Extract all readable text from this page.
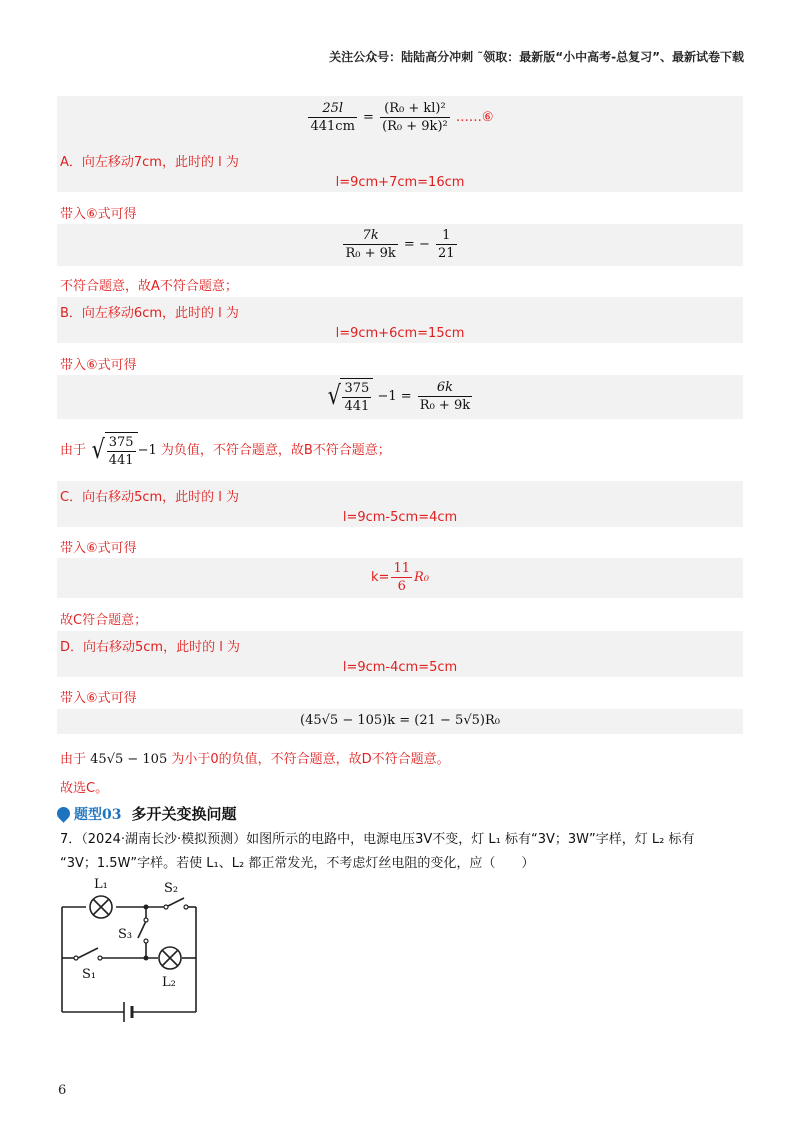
关注公众号：陆陆高分冲刺 ˜领取：最新版“小中高考-总复习”、最新试卷下载
$\frac{25l}{441cm} = \frac{\text{(R₀ + kl)²}}{\text{(R₀ + 9k)²}}$ ……⑥
A．向左移动7cm，此时的 l 为
l=9cm+7cm=16cm
带入⑥式可得
$\frac{7k}{\text{R₀ + 9k}}$ = − $\frac{1}{21}$
不符合题意，故A不符合题意；
B．向左移动6cm，此时的 l 为
l=9cm+6cm=15cm
带入⑥式可得
√ $\frac{375}{441} -1 = \frac{6k}{\text{R₀ + 9k}}$
由于 √ $\frac{375}{441} -1$ 为负值，不符合题意，故B不符合题意；
C．向右移动5cm，此时的 l 为
l=9cm-5cm=4cm
带入⑥式可得
$k= \frac{11}{6} R_0$
故C符合题意；
D．向右移动5cm，此时的 l 为
l=9cm-4cm=5cm
带入⑥式可得
(45√5 − 105)k = (21 − 5√5)R₀
由于 45√5 − 105 为小于0的负值，不符合题意，故D不符合题意。
故选C。
题型03 多开关变换问题
7．（2024·湖南长沙·模拟预测）如图所示的电路中，电源电压3V不变，灯 L₁ 标有“3V；3W”字样，灯 L₂ 标有
“3V；1.5W”字样。若使 L₁、L₂ 都正常发光，不考虑灯丝电阻的变化，应（　　）
L₁	S₂
S₃
S₁
L₂
6
